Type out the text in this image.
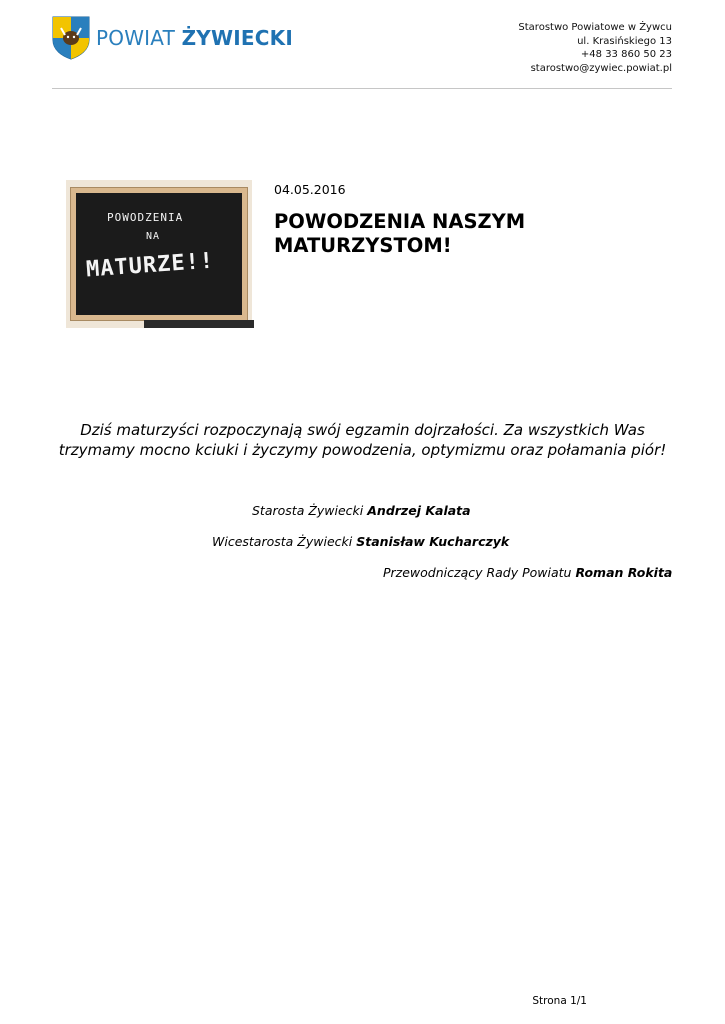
POWIAT ŻYWIECKI	Starostwo Powiatowe w Żywcu
ul. Krasińskiego 13
+48 33 860 50 23
starostwo@zywiec.powiat.pl
POWODZENIA
NA
MATURZE!!
04.05.2016
POWODZENIA NASZYM
MATURZYSTOM!

Dziś maturzyści rozpoczynają swój egzamin dojrzałości. Za wszystkich Was trzymamy mocno kciuki i życzymy powodzenia, optymizmu oraz połamania piór!

Starosta Żywiecki Andrzej Kalata
Wicestarosta Żywiecki Stanisław Kucharczyk
Przewodniczący Rady Powiatu Roman Rokita
Strona 1/1
